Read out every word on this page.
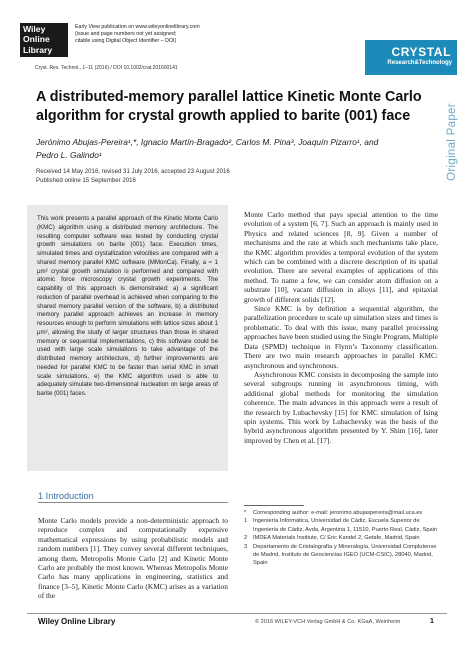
Wiley
Online
Library
Early View publication on www.wileyonlinelibrary.com
(issue and page numbers not yet assigned;
citable using Digital Object Identifier – DOI)
Cryst. Res. Technol., 1–11 (2016) / DOI 10.1002/crat.201600141
CRYSTAL
Research&Technology
Original Paper
A distributed-memory parallel lattice Kinetic Monte Carlo algorithm for crystal growth applied to barite (001) face
Jerónimo Abujas-Pereira¹,*, Ignacio Martín-Bragado², Carlos M. Pina³, Joaquín Pizarro¹, and Pedro L. Galindo¹
Received 14 May 2016, revised 31 July 2016, accepted 23 August 2016
Published online 15 September 2016

This work presents a parallel approach of the Kinetic Monte Carlo (KMC) algorithm using a distributed memory architecture. The resulting computer software was tested by conducting crystal growth simulations on barite (001) face. Execution times, simulated times and crystallization velocities are compared with a shared memory parallel KMC software (MMonCa). Finally, a ≈ 1 μm² crystal growth simulation is performed and compared with atomic force microscopy crystal growth experiments. The capability of this approach is demonstrated: a) a significant reduction of parallel overhead is achieved when comparing to the shared memory parallel version of the software, b) a distributed memory parallel approach achieves an increase in memory resources enough to perform simulations with lattice sizes about 1 μm², allowing the study of larger structures than those in shared memory or sequential implementations, c) this software could be used with large scale simulations to take advantage of the distributed memory architecture, d) further improvements are needed for parallel KMC to be faster than serial KMC in small scale simulations, e) the KMC algorithm used is able to adequately simulate two-dimensional nucleation on large areas of barite (001) faces.

1 Introduction

Monte Carlo models provide a non-deterministic approach to reproduce complex and computationally expensive mathematical expressions by using probabilistic models and random numbers [1]. They convey several different techniques, among them, Metropolis Monte Carlo [2] and Kinetic Monte Carlo are probably the most known. Whereas Metropolis Monte Carlo has many applications in engineering, statistics and finance [3–5], Kinetic Monte Carlo (KMC) arises as a variation of the

Monte Carlo method that pays special attention to the time evolution of a system [6, 7]. Such an approach is mainly used in Physics and related sciences [8, 9]. Given a number of mechanisms and the rate at which such mechanisms take place, the KMC algorithm provides a temporal evolution of the system which can be combined with a discrete description of its spatial evolution. There are several examples of applications of this method. To name a few, we can consider atom diffusion on a substrate [10], vacant diffusion in alloys [11], and epitaxial growth of different solids [12].

Since KMC is by definition a sequential algorithm, the parallelization procedure to scale up simulation sizes and times is problematic. To deal with this issue, many parallel processing approaches have been studied using the Single Program, Multiple Data (SPMD) technique in Flynn’s Taxonomy classification. There are two main research approaches in parallel KMC: asynchronous and synchronous.

Asynchronous KMC consists in decomposing the sample into several subgroups running in asynchronous timing, with additional global methods for monitoring the simulation coherence. The main advances in this approach were a result of the research by Lubachevsky [15] for KMC simulation of Ising spin systems. This work by Lubachevsky was the basis of the hybrid asynchronous algorithm presented by Y. Shim [16], later improved by Chen et al. [17].

* Corresponding author: e-mail: jeronimo.abujaspereira@mail.uca.es
1 Ingeniería Informática, Universidad de Cádiz, Escuela Superior de Ingeniería de Cádiz, Avda, Argentina 1, 11510, Puerto Real, Cádiz, Spain
2 IMDEA Materials Institute, C/ Eric Kandel 2, Getafe, Madrid, Spain
3 Departamento de Cristalografía y Mineralogía, Universidad Complutense de Madrid, Instituto de Geociencias IGEO (UCM-CSIC), 28040, Madrid, Spain
Wiley Online Library	© 2016 WILEY-VCH Verlag GmbH & Co. KGaA, Weinheim	1
